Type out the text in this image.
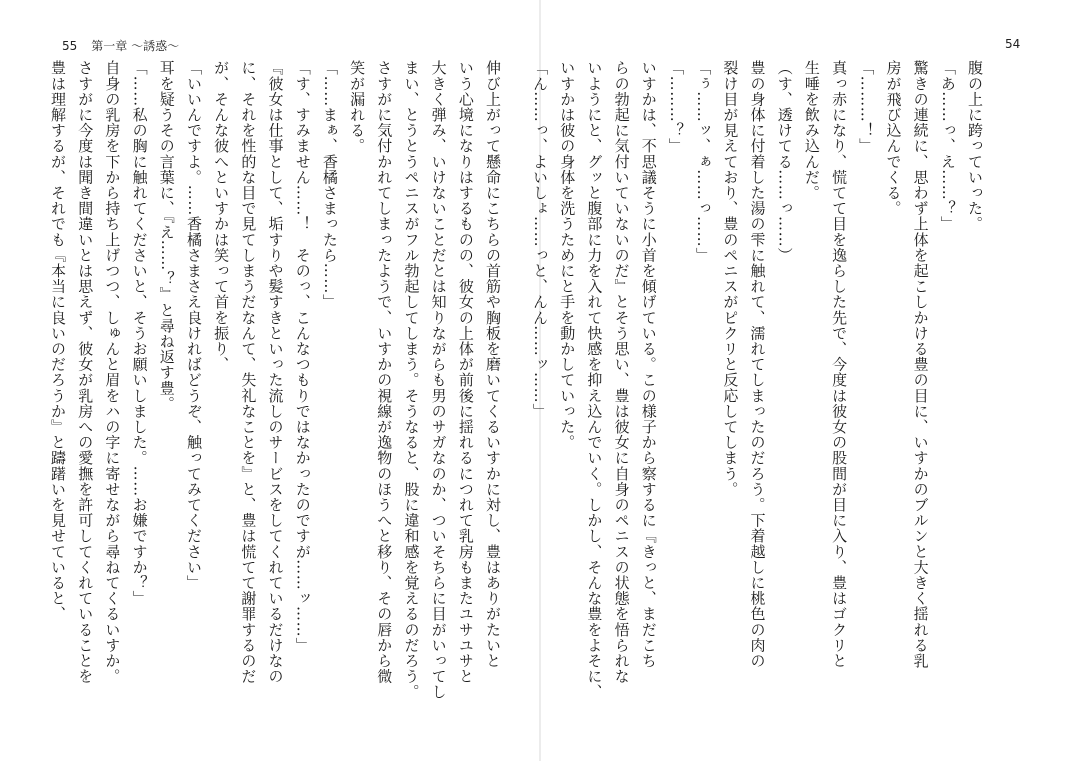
55 第一章 〜誘惑〜	54
腹の上に跨っていった。
「あ……っ、え……？」
驚きの連続に、思わず上体を起こしかける豊の目に、いすかのブルンと大きく揺れる乳
房が飛び込んでくる。
「………！」
真っ赤になり、慌てて目を逸らした先で、今度は彼女の股間が目に入り、豊はゴクリと
生唾を飲み込んだ。
（す、透けてる……っ……）
豊の身体に付着した湯の雫に触れて、濡れてしまったのだろう。下着越しに桃色の肉の
裂け目が見えており、豊のペニスがピクリと反応してしまう。
「ぅ……ッ、ぁ……っ……」
「………？」
いすかは、不思議そうに小首を傾げている。この様子から察するに『きっと、まだこち
らの勃起に気付いていないのだ』とそう思い、豊は彼女に自身のペニスの状態を悟られな
いようにと、グッと腹部に力を入れて快感を抑え込んでいく。しかし、そんな豊をよそに、
いすかは彼の身体を洗うためにと手を動かしていった。
「ん……っ、よいしょ……っと、んん……ッ……」
伸び上がって懸命にこちらの首筋や胸板を磨いてくるいすかに対し、豊はありがたいと
いう心境になりはするものの、彼女の上体が前後に揺れるにつれて乳房もまたユサユサと
大きく弾み、いけないことだとは知りながらも男のサガなのか、ついそちらに目がいってし
まい、とうとうペニスがフル勃起してしまう。そうなると、股に違和感を覚えるのだろう。
さすがに気付かれてしまったようで、いすかの視線が逸物のほうへと移り、その唇から微
笑が漏れる。
「……まぁ、香橘さまったら……」
「す、すみません……！　そのっ、こんなつもりではなかったのですが……ッ……」
『彼女は仕事として、垢すりや髪すきといった流しのサービスをしてくれているだけなの
に、それを性的な目で見てしまうだなんて、失礼なことを』と、豊は慌てて謝罪するのだ
が、そんな彼へといすかは笑って首を振り、
「いいんですよ。……香橘さまさえ良ければどうぞ、触ってみてください」
耳を疑うその言葉に、『え……？』と尋ね返す豊。
「……私の胸に触れてくださいと、そうお願いしました。……お嫌ですか？」
自身の乳房を下から持ち上げつつ、しゅんと眉をハの字に寄せながら尋ねてくるいすか。
さすがに今度は聞き間違いとは思えず、彼女が乳房への愛撫を許可してくれていることを
豊は理解するが、それでも『本当に良いのだろうか』と躊躇いを見せていると、
